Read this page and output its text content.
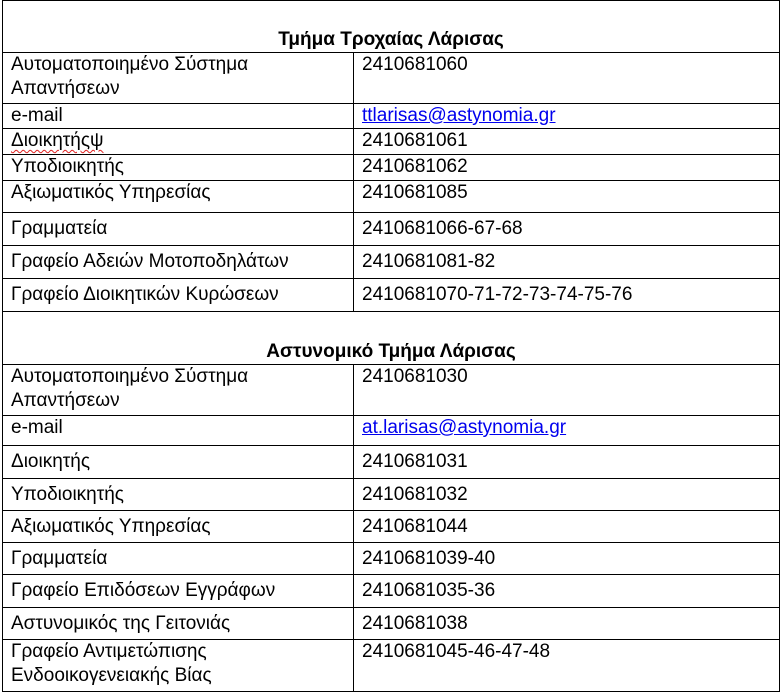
Τμήμα Τροχαίας Λάρισας	
Αυτοματοποιημένο Σύστημα Απαντήσεων	2410681060
e-mail	ttlarisas@astynomia.gr
Διοικητήςψ	2410681061
Υποδιοικητής	2410681062
Αξιωματικός Υπηρεσίας	2410681085
Γραμματεία	2410681066-67-68
Γραφείο Αδειών Μοτοποδηλάτων	2410681081-82
Γραφείο Διοικητικών Κυρώσεων	2410681070-71-72-73-74-75-76
Αστυνομικό Τμήμα Λάρισας	
Αυτοματοποιημένο Σύστημα Απαντήσεων	2410681030
e-mail	at.larisas@astynomia.gr
Διοικητής	2410681031
Υποδιοικητής	2410681032
Αξιωματικός Υπηρεσίας	2410681044
Γραμματεία	2410681039-40
Γραφείο Επιδόσεων Εγγράφων	2410681035-36
Αστυνομικός της Γειτονιάς	2410681038
Γραφείο Αντιμετώπισης Ενδοοικογενειακής Βίας	2410681045-46-47-48
